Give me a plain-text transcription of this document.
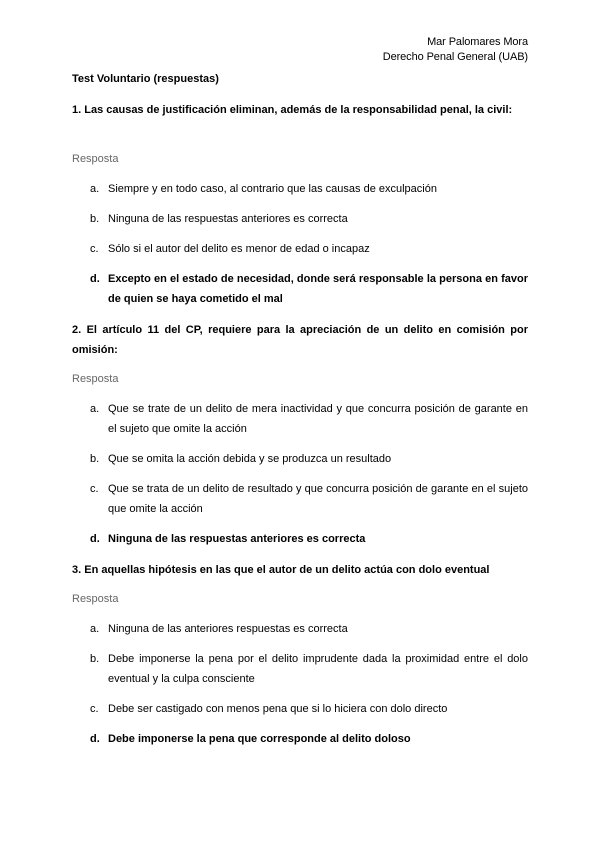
Mar Palomares Mora
Derecho Penal General (UAB)
Test Voluntario (respuestas)
1. Las causas de justificación eliminan, además de la responsabilidad penal, la civil:
Resposta
a. Siempre y en todo caso, al contrario que las causas de exculpación
b. Ninguna de las respuestas anteriores es correcta
c. Sólo si el autor del delito es menor de edad o incapaz
d. Excepto en el estado de necesidad, donde será responsable la persona en favor de quien se haya cometido el mal
2. El artículo 11 del CP, requiere para la apreciación de un delito en comisión por omisión:
Resposta
a. Que se trate de un delito de mera inactividad y que concurra posición de garante en el sujeto que omite la acción
b. Que se omita la acción debida y se produzca un resultado
c. Que se trata de un delito de resultado y que concurra posición de garante en el sujeto que omite la acción
d. Ninguna de las respuestas anteriores es correcta
3. En aquellas hipótesis en las que el autor de un delito actúa con dolo eventual
Resposta
a. Ninguna de las anteriores respuestas es correcta
b. Debe imponerse la pena por el delito imprudente dada la proximidad entre el dolo eventual y la culpa consciente
c. Debe ser castigado con menos pena que si lo hiciera con dolo directo
d. Debe imponerse la pena que corresponde al delito doloso
